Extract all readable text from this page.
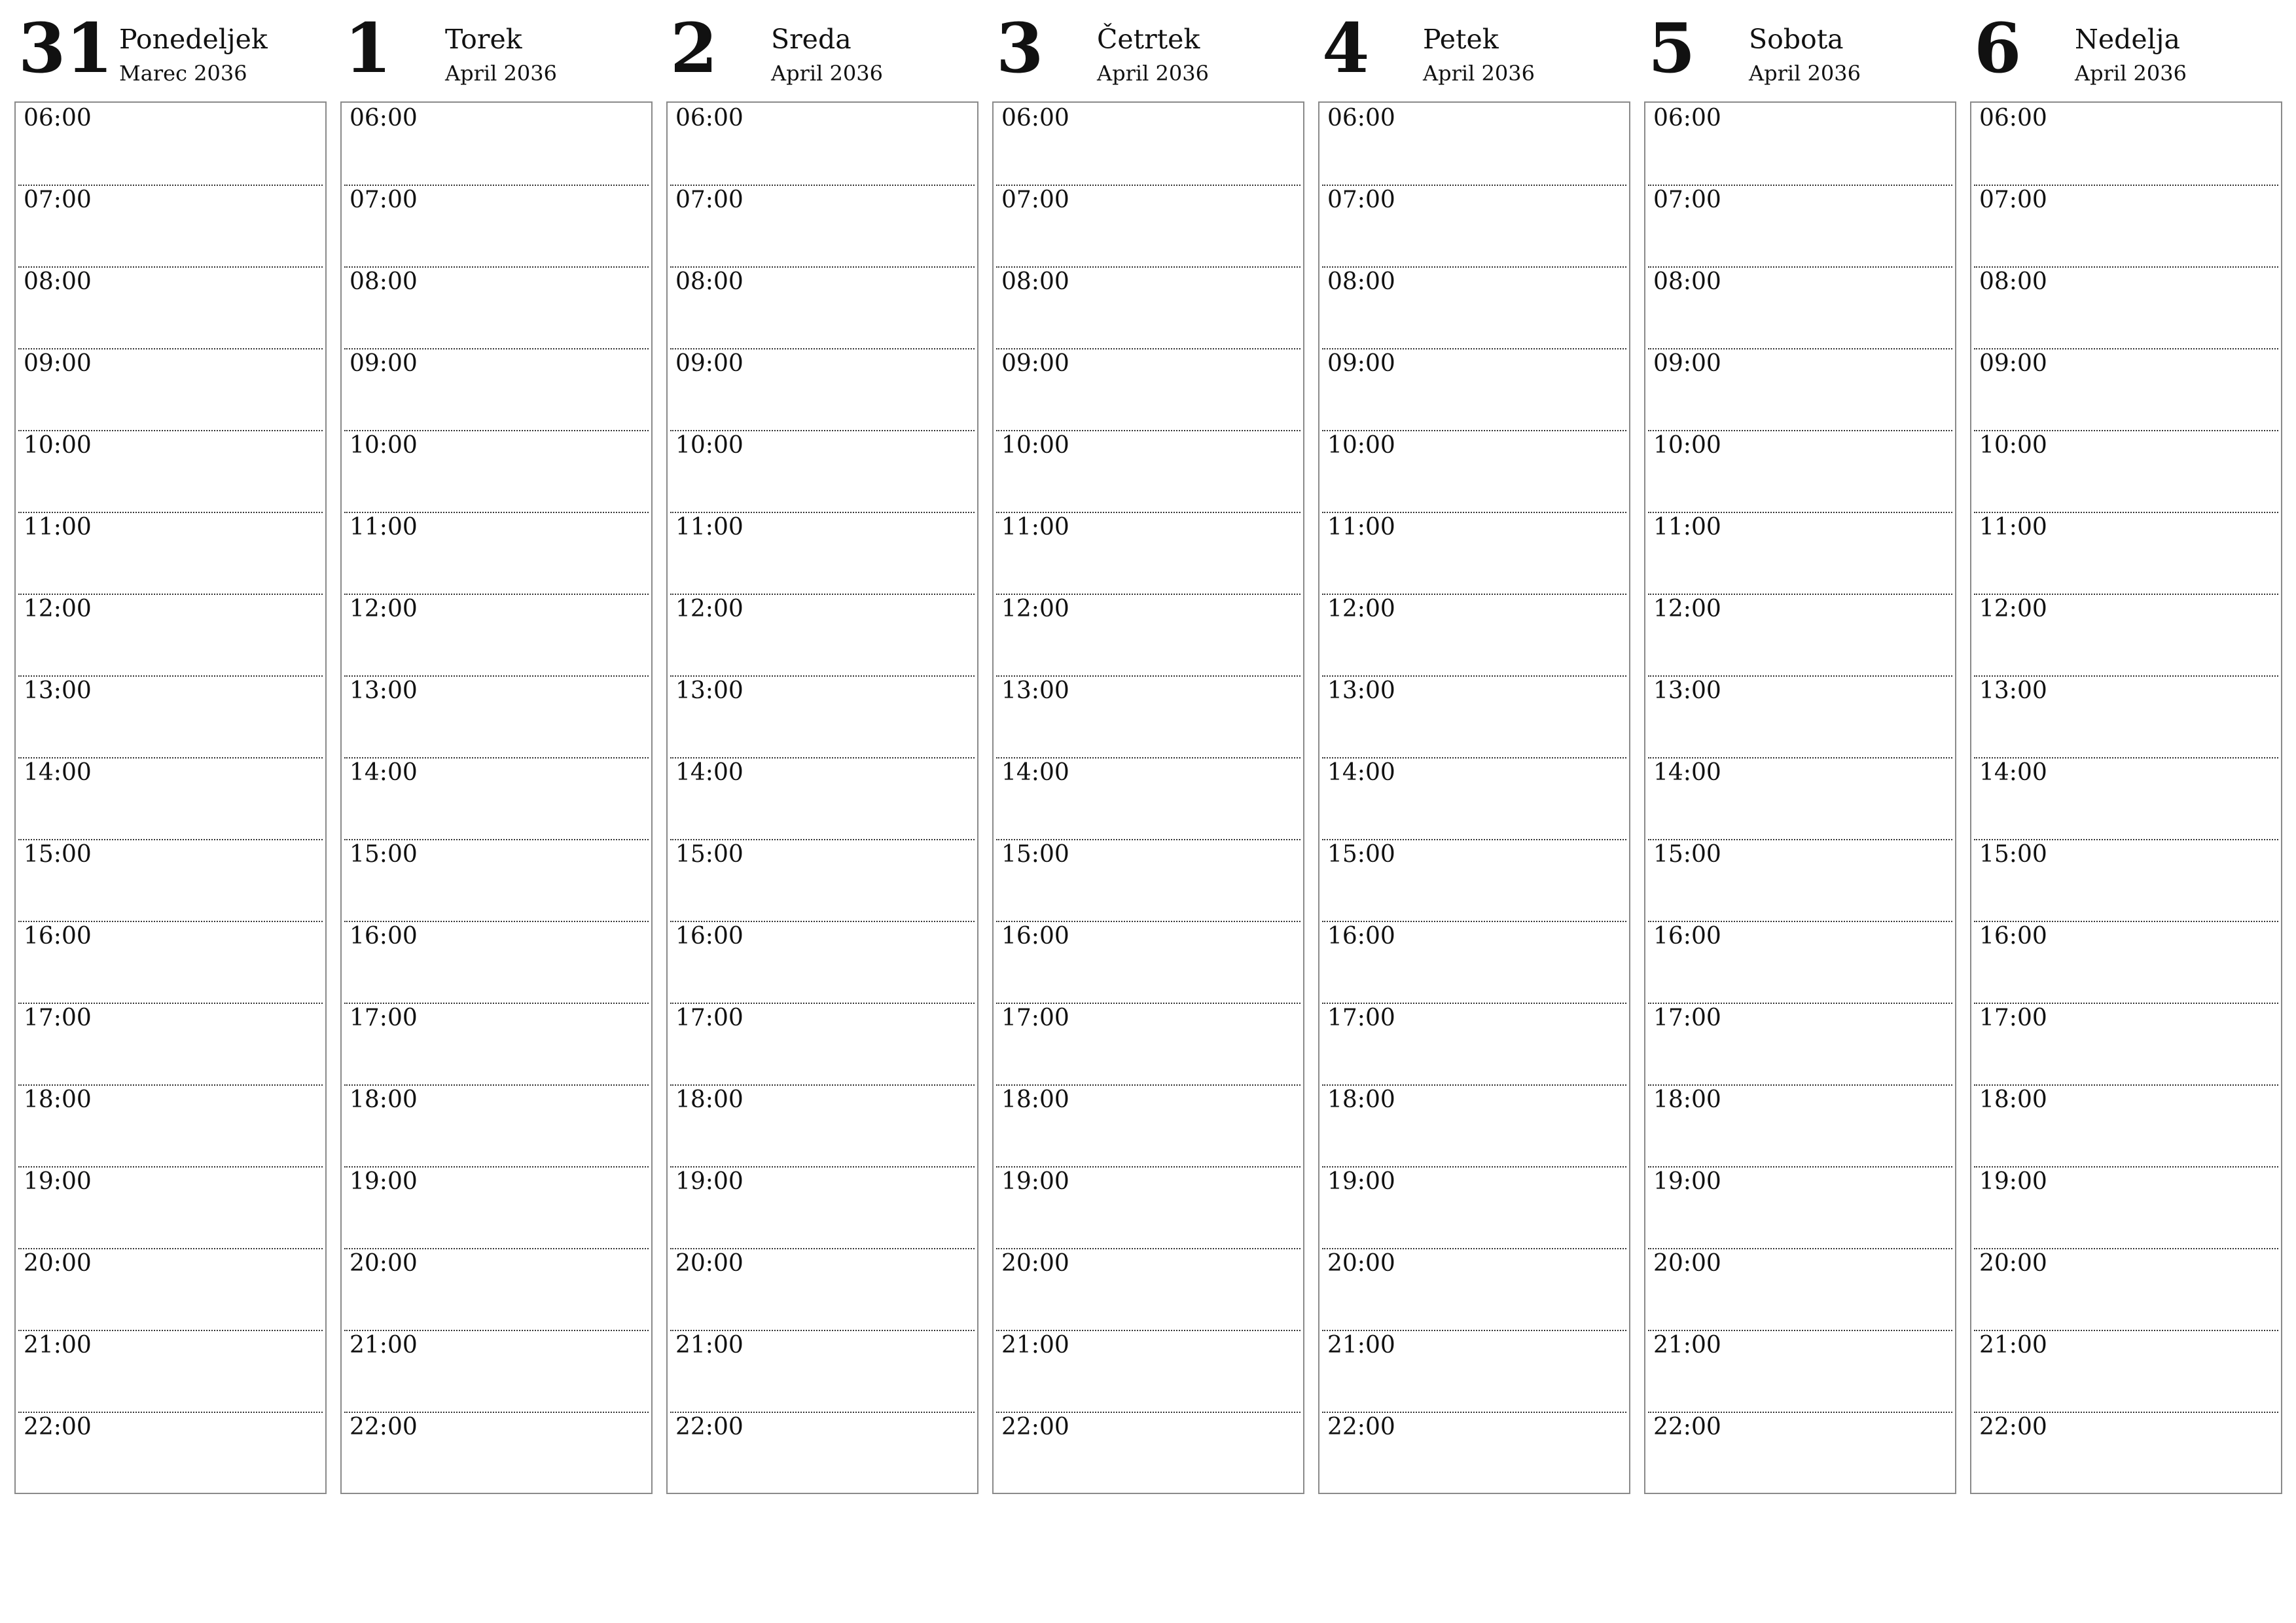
31 Ponedeljek
Marec 2036
06:00
07:00
08:00
09:00
10:00
11:00
12:00
13:00
14:00
15:00
16:00
17:00
18:00
19:00
20:00
21:00
22:00
1 Torek
April 2036
06:00
07:00
08:00
09:00
10:00
11:00
12:00
13:00
14:00
15:00
16:00
17:00
18:00
19:00
20:00
21:00
22:00
2 Sreda
April 2036
06:00
07:00
08:00
09:00
10:00
11:00
12:00
13:00
14:00
15:00
16:00
17:00
18:00
19:00
20:00
21:00
22:00
3 Četrtek
April 2036
06:00
07:00
08:00
09:00
10:00
11:00
12:00
13:00
14:00
15:00
16:00
17:00
18:00
19:00
20:00
21:00
22:00
4 Petek
April 2036
06:00
07:00
08:00
09:00
10:00
11:00
12:00
13:00
14:00
15:00
16:00
17:00
18:00
19:00
20:00
21:00
22:00
5 Sobota
April 2036
06:00
07:00
08:00
09:00
10:00
11:00
12:00
13:00
14:00
15:00
16:00
17:00
18:00
19:00
20:00
21:00
22:00
6 Nedelja
April 2036
06:00
07:00
08:00
09:00
10:00
11:00
12:00
13:00
14:00
15:00
16:00
17:00
18:00
19:00
20:00
21:00
22:00
